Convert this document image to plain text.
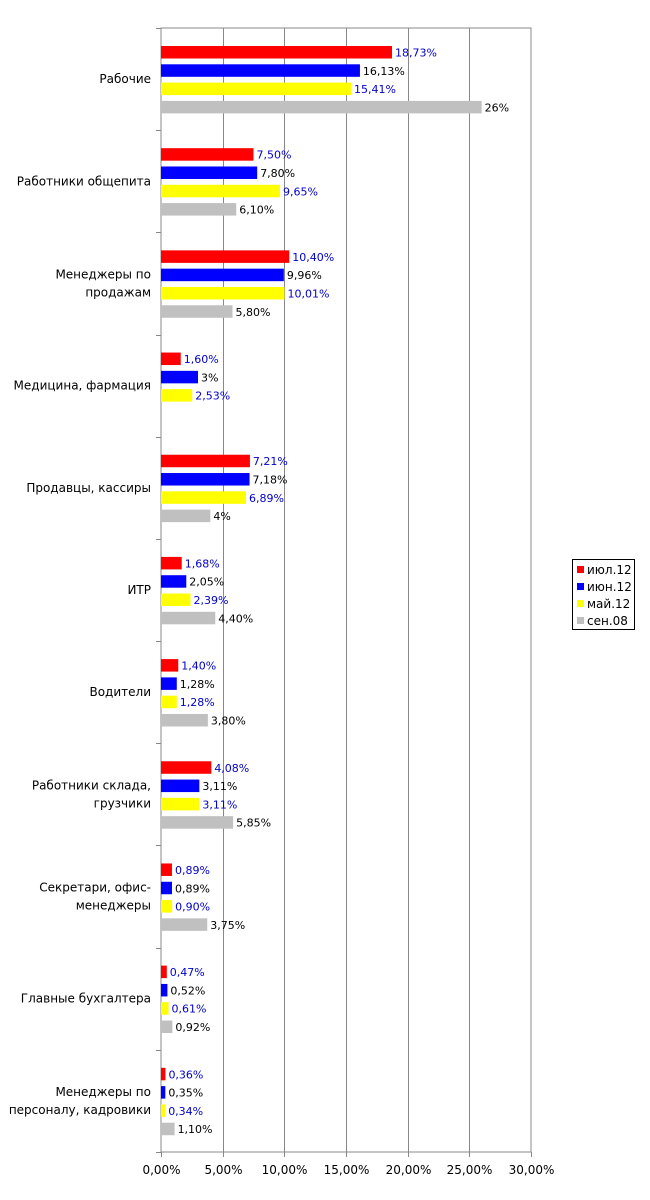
0,00% 5,00% 10,00% 15,00% 20,00% 25,00% 30,00%
18,73%
16,13%
15,41%
26%
Рабочие
7,50%
7,80%
9,65%
6,10%
Работники общепита
10,40%
9,96%
10,01%
5,80%
Менеджеры по
продажам
1,60%
3%
2,53%
Медицина, фармация
7,21%
7,18%
6,89%
4%
Продавцы, кассиры
1,68%
2,05%
2,39%
4,40%
ИТР
1,40%
1,28%
1,28%
3,80%
Водители
4,08%
3,11%
3,11%
5,85%
Работники склада,
грузчики
0,89%
0,89%
0,90%
3,75%
Секретари, офис-
менеджеры
0,47%
0,52%
0,61%
0,92%
Главные бухгалтера
0,36%
0,35%
0,34%
1,10%
Менеджеры по
персоналу, кадровики
июл.12
июн.12
май.12
сен.08
